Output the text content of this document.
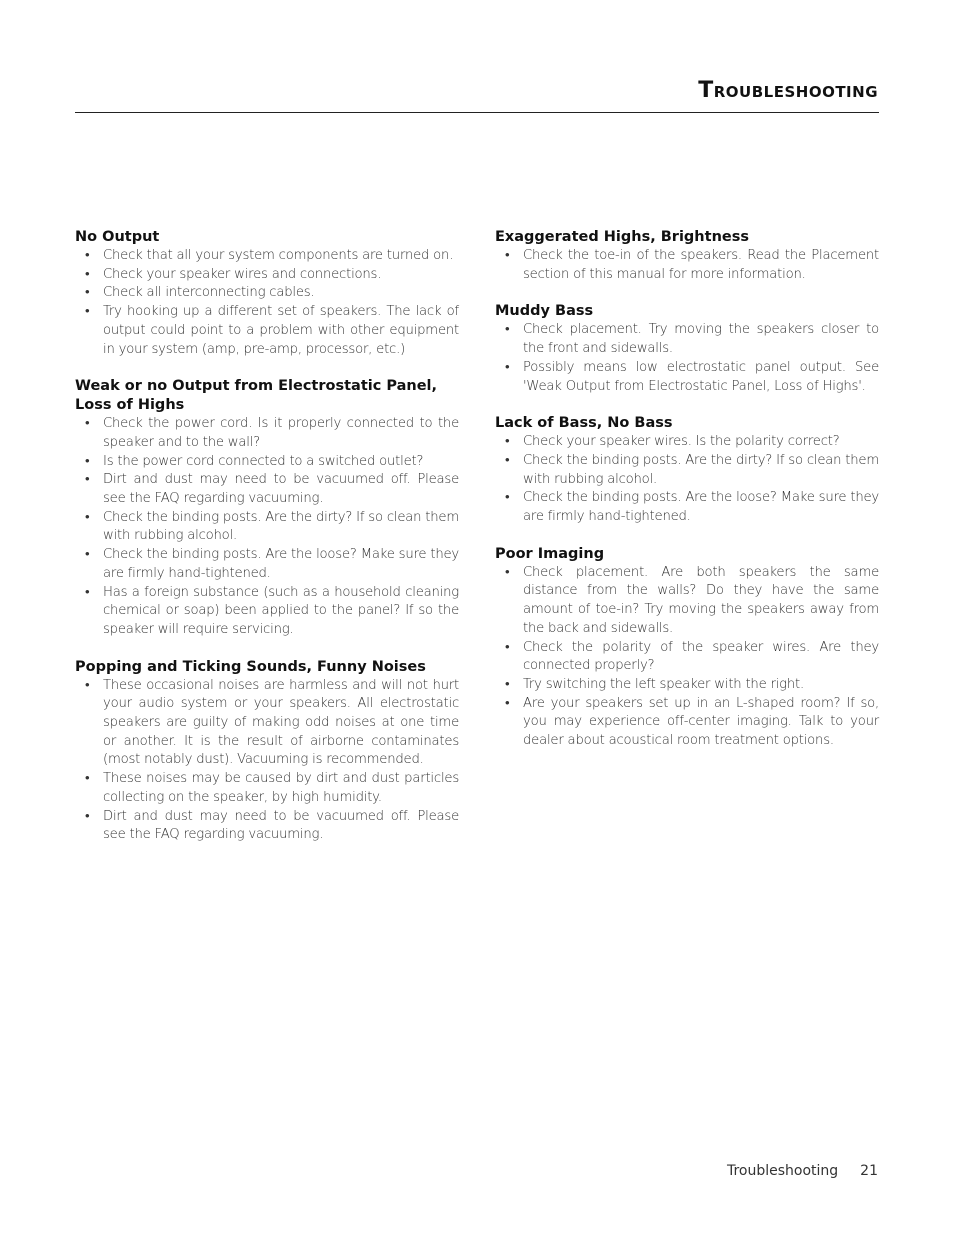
Troubleshooting
No Output
• Check that all your system components are turned on.
• Check your speaker wires and connections.
• Check all interconnecting cables.
• Try hooking up a different set of speakers. The lack of output could point to a problem with other equipment in your system (amp, pre-amp, processor, etc.)
Weak or no Output from Electrostatic Panel, Loss of Highs
• Check the power cord. Is it properly connected to the speaker and to the wall?
• Is the power cord connected to a switched outlet?
• Dirt and dust may need to be vacuumed off. Please see the FAQ regarding vacuuming.
• Check the binding posts. Are the dirty? If so clean them with rubbing alcohol.
• Check the binding posts. Are the loose? Make sure they are firmly hand-tightened.
• Has a foreign substance (such as a household cleaning chemical or soap) been applied to the panel? If so the speaker will require servicing.
Popping and Ticking Sounds, Funny Noises
• These occasional noises are harmless and will not hurt your audio system or your speakers. All electrostatic speakers are guilty of making odd noises at one time or another. It is the result of airborne contaminates (most notably dust). Vacuuming is recommended.
• These noises may be caused by dirt and dust particles collecting on the speaker, by high humidity.
• Dirt and dust may need to be vacuumed off. Please see the FAQ regarding vacuuming.
Exaggerated Highs, Brightness
• Check the toe-in of the speakers. Read the Placement section of this manual for more information.
Muddy Bass
• Check placement. Try moving the speakers closer to the front and sidewalls.
• Possibly means low electrostatic panel output. See 'Weak Output from Electrostatic Panel, Loss of Highs'.
Lack of Bass, No Bass
• Check your speaker wires. Is the polarity correct?
• Check the binding posts. Are the dirty? If so clean them with rubbing alcohol.
• Check the binding posts. Are the loose? Make sure they are firmly hand-tightened.
Poor Imaging
• Check placement. Are both speakers the same distance from the walls? Do they have the same amount of toe-in? Try moving the speakers away from the back and sidewalls.
• Check the polarity of the speaker wires. Are they connected properly?
• Try switching the left speaker with the right.
• Are your speakers set up in an L-shaped room? If so, you may experience off-center imaging. Talk to your dealer about acoustical room treatment options.
Troubleshooting 21
